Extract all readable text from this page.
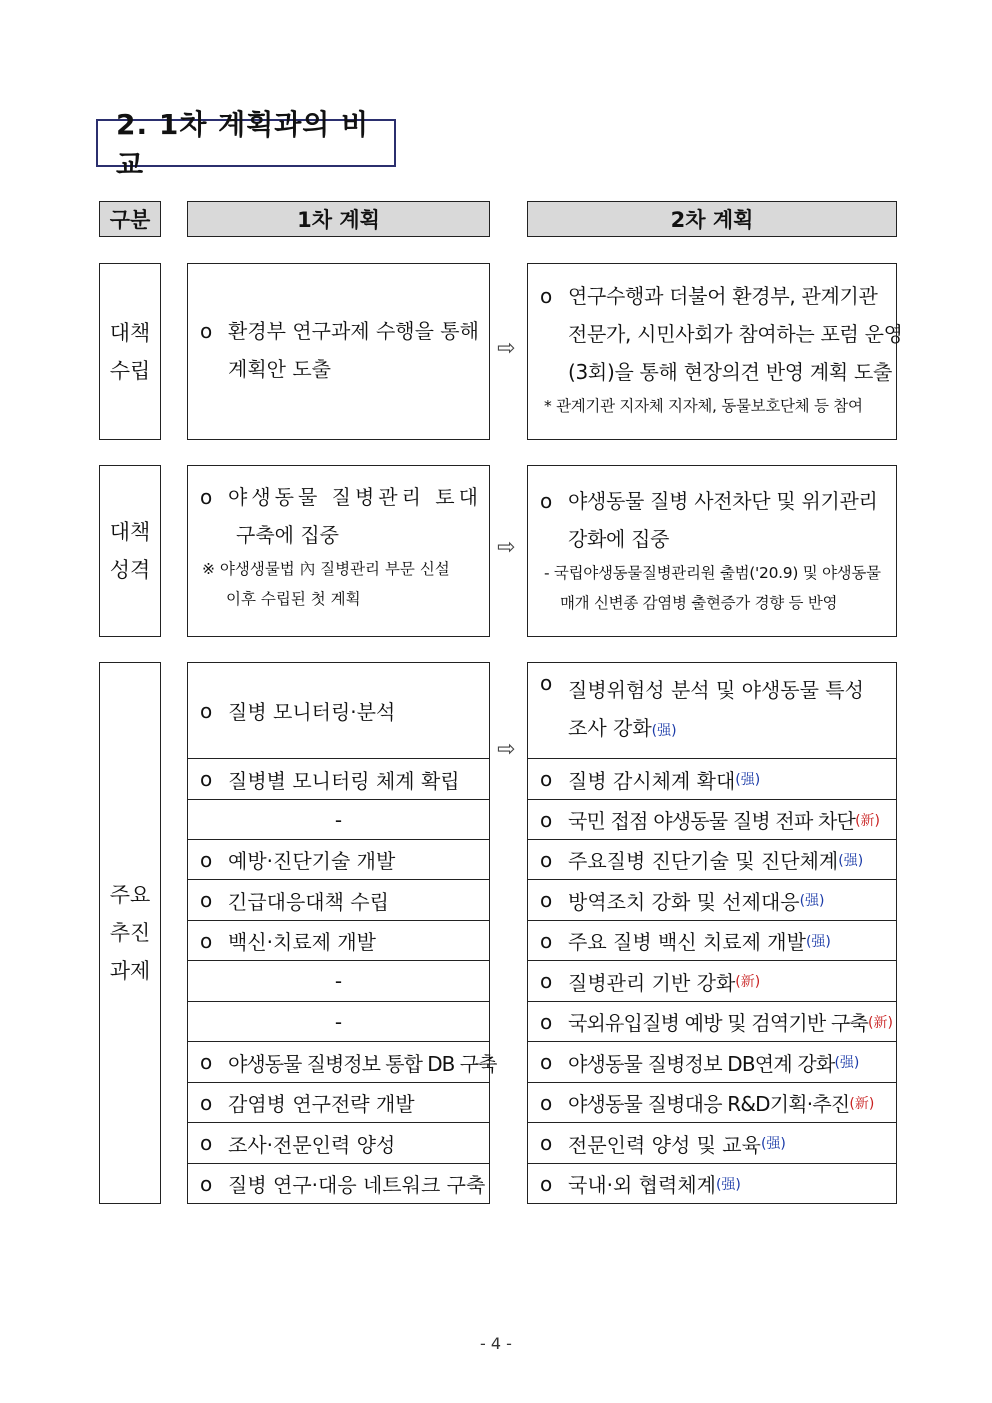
2. 1차 계획과의 비교
구분	1차 계획	2차 계획
대책
수립
o 환경부 연구과제 수행을 통해
계획안 도출
⇨
o 연구수행과 더불어 환경부, 관계기관
전문가, 시민사회가 참여하는 포럼 운영
(3회)을 통해 현장의견 반영 계획 도출
* 관계기관 지자체 지자체, 동물보호단체 등 참여
대책
성격
o 야생동물 질병관리 토대
구축에 집중
※ 야생생물법 內 질병관리 부문 신설
이후 수립된 첫 계획
⇨
o 야생동물 질병 사전차단 및 위기관리
강화에 집중
- 국립야생동물질병관리원 출범('20.9) 및 야생동물
매개 신변종 감염병 출현증가 경향 등 반영
주요
추진
과제
o 질병 모니터링·분석
o 질병별 모니터링 체계 확립
-
o 예방·진단기술 개발
o 긴급대응대책 수립
o 백신·치료제 개발
-
-
o 야생동물 질병정보 통합 DB 구축
o 감염병 연구전략 개발
o 조사·전문인력 양성
o 질병 연구·대응 네트워크 구축
⇨
o 질병위험성 분석 및 야생동물 특성
조사 강화(强)
o 질병 감시체계 확대 (强)
o 국민 접점 야생동물 질병 전파 차단 (新)
o 주요질병 진단기술 및 진단체계 (强)
o 방역조치 강화 및 선제대응 (强)
o 주요 질병 백신 치료제 개발 (强)
o 질병관리 기반 강화 (新)
o 국외유입질병 예방 및 검역기반 구축 (新)
o 야생동물 질병정보 DB연계 강화 (强)
o 야생동물 질병대응 R&D기획·추진 (新)
o 전문인력 양성 및 교육 (强)
o 국내·외 협력체계 (强)
- 4 -
